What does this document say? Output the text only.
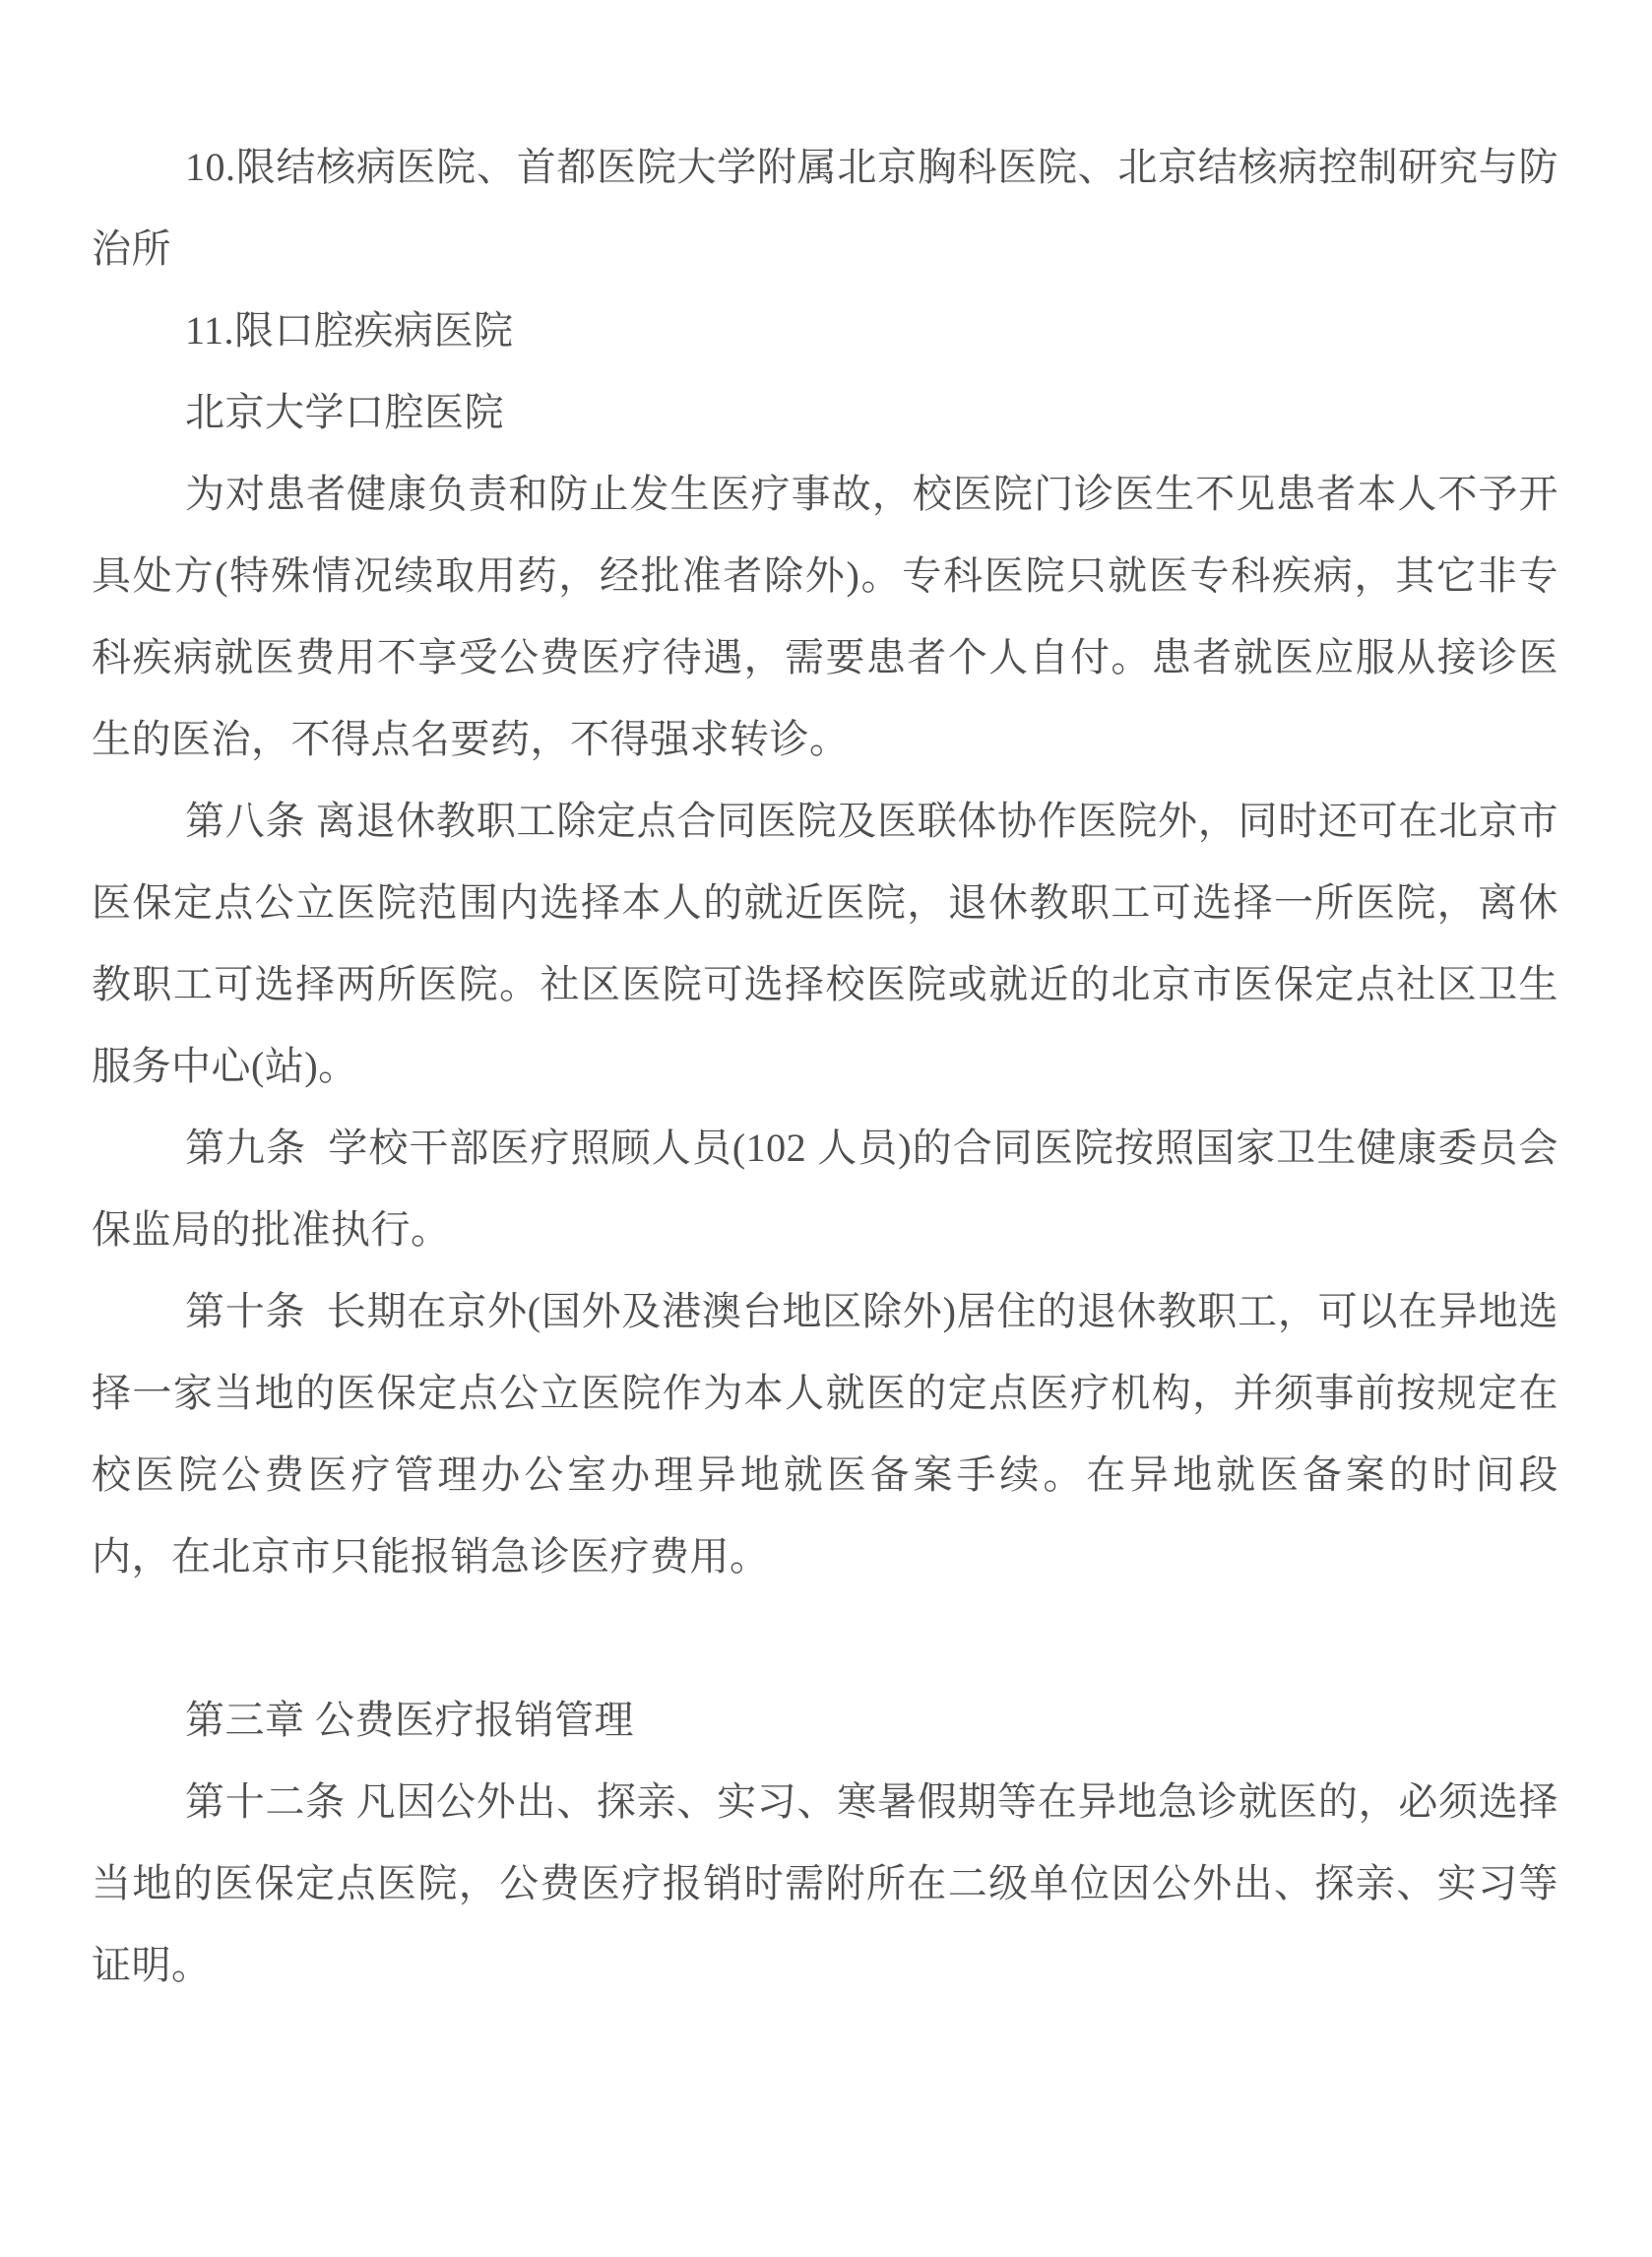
10.限结核病医院、首都医院大学附属北京胸科医院、北京结核病控制研究与防
治所
11.限口腔疾病医院
北京大学口腔医院
为对患者健康负责和防止发生医疗事故，校医院门诊医生不见患者本人不予开
具处方(特殊情况续取用药，经批准者除外)。专科医院只就医专科疾病，其它非专
科疾病就医费用不享受公费医疗待遇，需要患者个人自付。患者就医应服从接诊医
生的医治，不得点名要药，不得强求转诊。
第八条 离退休教职工除定点合同医院及医联体协作医院外，同时还可在北京市
医保定点公立医院范围内选择本人的就近医院，退休教职工可选择一所医院，离休
教职工可选择两所医院。社区医院可选择校医院或就近的北京市医保定点社区卫生
服务中心(站)。
第九条  学校干部医疗照顾人员(102 人员)的合同医院按照国家卫生健康委员会
保监局的批准执行。
第十条  长期在京外(国外及港澳台地区除外)居住的退休教职工，可以在异地选
择一家当地的医保定点公立医院作为本人就医的定点医疗机构，并须事前按规定在
校医院公费医疗管理办公室办理异地就医备案手续。在异地就医备案的时间段
内，在北京市只能报销急诊医疗费用。
第三章 公费医疗报销管理
第十二条 凡因公外出、探亲、实习、寒暑假期等在异地急诊就医的，必须选择
当地的医保定点医院，公费医疗报销时需附所在二级单位因公外出、探亲、实习等
证明。
